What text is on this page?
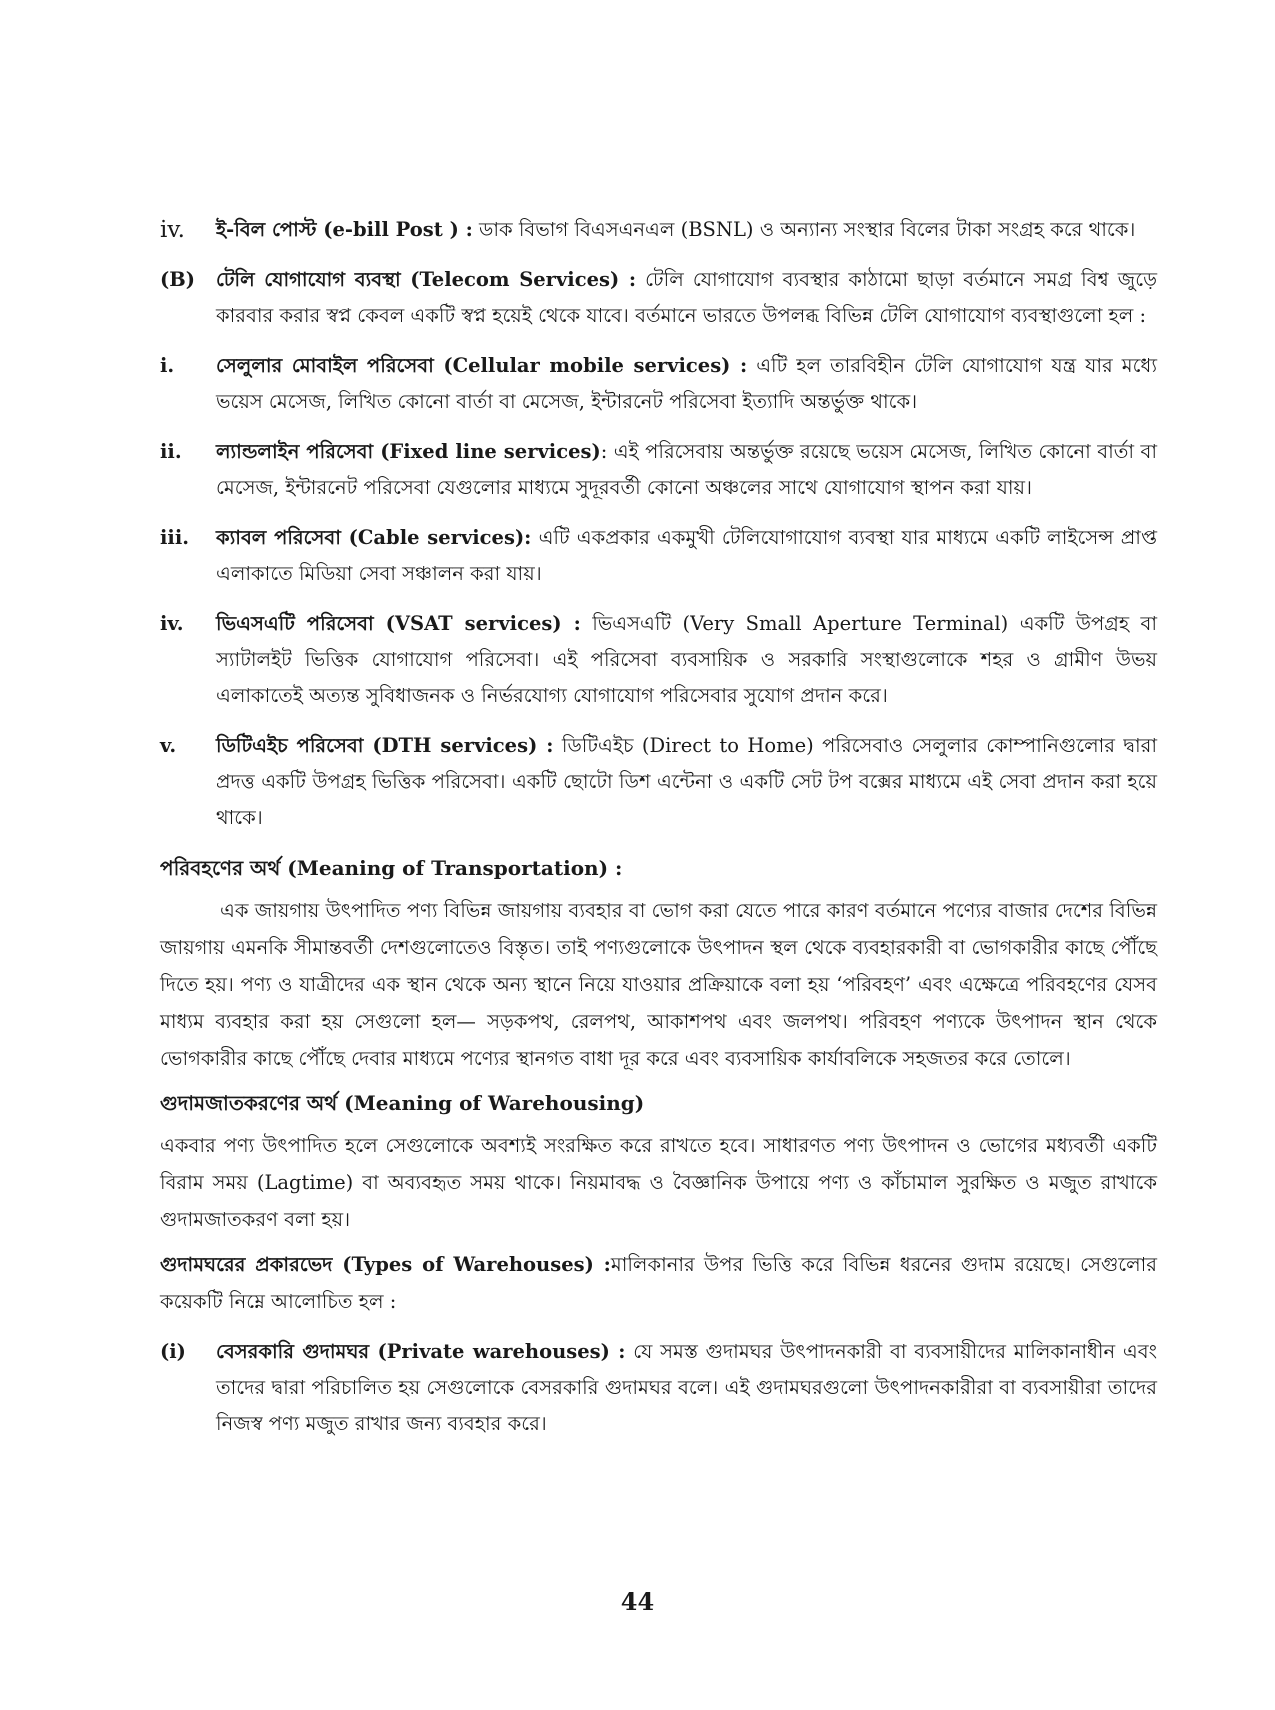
iv. ই-বিল পোস্ট (e-bill Post ) : ডাক বিভাগ বিএসএনএল (BSNL) ও অন্যান্য সংস্থার বিলের টাকা সংগ্রহ করে থাকে।
(B) টেলি যোগাযোগ ব্যবস্থা (Telecom Services) : টেলি যোগাযোগ ব্যবস্থার কাঠামো ছাড়া বর্তমানে সমগ্র বিশ্ব জুড়ে কারবার করার স্বপ্ন কেবল একটি স্বপ্ন হয়েই থেকে যাবে। বর্তমানে ভারতে উপলব্ধ বিভিন্ন টেলি যোগাযোগ ব্যবস্থাগুলো হল :
i. সেলুলার মোবাইল পরিসেবা (Cellular mobile services) : এটি হল তারবিহীন টেলি যোগাযোগ যন্ত্র যার মধ্যে ভয়েস মেসেজ, লিখিত কোনো বার্তা বা মেসেজ, ইন্টারনেট পরিসেবা ইত্যাদি অন্তর্ভুক্ত থাকে।
ii. ল্যান্ডলাইন পরিসেবা (Fixed line services): এই পরিসেবায় অন্তর্ভুক্ত রয়েছে ভয়েস মেসেজ, লিখিত কোনো বার্তা বা মেসেজ, ইন্টারনেট পরিসেবা যেগুলোর মাধ্যমে সুদূরবর্তী কোনো অঞ্চলের সাথে যোগাযোগ স্থাপন করা যায়।
iii. ক্যাবল পরিসেবা (Cable services): এটি একপ্রকার একমুখী টেলিযোগাযোগ ব্যবস্থা যার মাধ্যমে একটি লাইসেন্স প্রাপ্ত এলাকাতে মিডিয়া সেবা সঞ্চালন করা যায়।
iv. ভিএসএটি পরিসেবা (VSAT services) : ভিএসএটি (Very Small Aperture Terminal) একটি উপগ্রহ বা স্যাটালইট ভিত্তিক যোগাযোগ পরিসেবা। এই পরিসেবা ব্যবসায়িক ও সরকারি সংস্থাগুলোকে শহর ও গ্রামীণ উভয় এলাকাতেই অত্যন্ত সুবিধাজনক ও নির্ভরযোগ্য যোগাযোগ পরিসেবার সুযোগ প্রদান করে।
v. ডিটিএইচ পরিসেবা (DTH services) : ডিটিএইচ (Direct to Home) পরিসেবাও সেলুলার কোম্পানিগুলোর দ্বারা প্রদত্ত একটি উপগ্রহ ভিত্তিক পরিসেবা। একটি ছোটো ডিশ এন্টেনা ও একটি সেট টপ বক্সের মাধ্যমে এই সেবা প্রদান করা হয়ে থাকে।
পরিবহণের অর্থ (Meaning of Transportation) :
এক জায়গায় উৎপাদিত পণ্য বিভিন্ন জায়গায় ব্যবহার বা ভোগ করা যেতে পারে কারণ বর্তমানে পণ্যের বাজার দেশের বিভিন্ন জায়গায় এমনকি সীমান্তবর্তী দেশগুলোতেও বিস্তৃত। তাই পণ্যগুলোকে উৎপাদন স্থল থেকে ব্যবহারকারী বা ভোগকারীর কাছে পৌঁছে দিতে হয়। পণ্য ও যাত্রীদের এক স্থান থেকে অন্য স্থানে নিয়ে যাওয়ার প্রক্রিয়াকে বলা হয় ‘পরিবহণ’ এবং এক্ষেত্রে পরিবহণের যেসব মাধ্যম ব্যবহার করা হয় সেগুলো হল— সড়কপথ, রেলপথ, আকাশপথ এবং জলপথ। পরিবহণ পণ্যকে উৎপাদন স্থান থেকে ভোগকারীর কাছে পৌঁছে দেবার মাধ্যমে পণ্যের স্থানগত বাধা দূর করে এবং ব্যবসায়িক কার্যাবলিকে সহজতর করে তোলে।
গুদামজাতকরণের অর্থ (Meaning of Warehousing)
একবার পণ্য উৎপাদিত হলে সেগুলোকে অবশ্যই সংরক্ষিত করে রাখতে হবে। সাধারণত পণ্য উৎপাদন ও ভোগের মধ্যবর্তী একটি বিরাম সময় (Lagtime) বা অব্যবহৃত সময় থাকে। নিয়মাবদ্ধ ও বৈজ্ঞানিক উপায়ে পণ্য ও কাঁচামাল সুরক্ষিত ও মজুত রাখাকে গুদামজাতকরণ বলা হয়।
গুদামঘরের প্রকারভেদ (Types of Warehouses) :মালিকানার উপর ভিত্তি করে বিভিন্ন ধরনের গুদাম রয়েছে। সেগুলোর কয়েকটি নিম্নে আলোচিত হল :
(i) বেসরকারি গুদামঘর (Private warehouses) : যে সমস্ত গুদামঘর উৎপাদনকারী বা ব্যবসায়ীদের মালিকানাধীন এবং তাদের দ্বারা পরিচালিত হয় সেগুলোকে বেসরকারি গুদামঘর বলে। এই গুদামঘরগুলো উৎপাদনকারীরা বা ব্যবসায়ীরা তাদের নিজস্ব পণ্য মজুত রাখার জন্য ব্যবহার করে।
44
